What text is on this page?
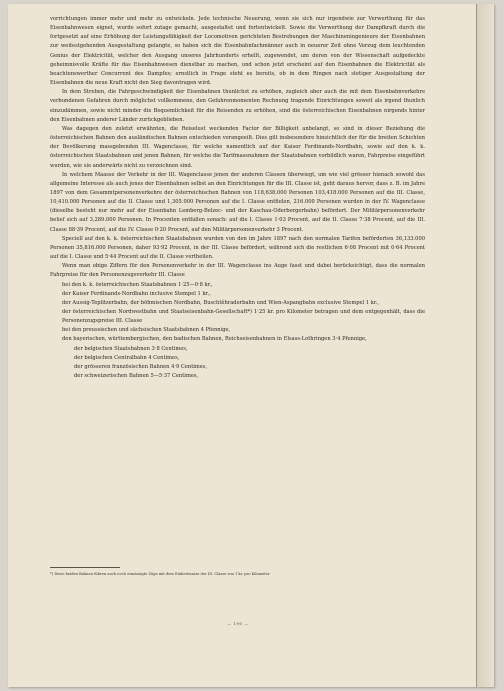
vorrichtungen immer mehr und mehr zu entwickeln. Jede technische Neuerung, wenn sie sich nur irgendwie zur Verwerthung für das Eisenbahnwesen eignet, wurde sofort zutage gemacht, ausgestaltet und fortentwickelt. Sowie die Verwerthung der Dampfkraft durch die fortgesetzt auf eine Erhöhung der Leistungsfähigkeit der Locomotiven gerichteten Bestrebungen der Maschineningenieure der Eisenbahnen zur weitestgehenden Ausgestaltung gelangte, so haben sich die Eisenbahnfachmänner auch in neuerer Zeit ohne Verzug dem leuchtenden Genius der Elektricität, welcher den Ausgang unseres Jahrhunderts erhellt, zugewendet, um deren von der Wissenschaft aufgedeckte geheimnisvolle Kräfte für das Eisenbahnwesen dienstbar zu machen, und schon jetzt erscheint auf den Eisenbahnen die Elektricität als beachtenswerther Concurrent des Dampfes; ernstlich in Frage steht es bereits, ob in dem Ringen nach stetiger Ausgestaltung der Eisenbahnen die neue Kraft nicht den Sieg davontragen wird.

In dem Streben, die Fahrgeschwindigkeit der Eisenbahnen thunlichst zu erhöhen, zugleich aber auch die mit dem Eisenbahnverkehre verbundenen Gefahren durch möglichst vollkommene, den Gefahrenmomenten Rechnung tragende Einrichtungen soweit als irgend thunlich einzudämmen, sowie nicht minder die Bequemlichkeit für die Reisenden zu erhöhen, sind die österreichischen Eisenbahnen nirgends hinter den Eisenbahnen anderer Länder zurückgeblieben.

Was dagegen den zuletzt erwähnten, die Reiselust weckenden Factor der Billigkeit anbelangt, so sind in dieser Beziehung die österreichischen Bahnen den ausländischen Bahnen entschieden vorangeeilt. Dies gilt insbesondere hinsichtlich der für die breiten Schichten der Bevölkerung massgebenden III. Wagenclasse, für welche namentlich auf der Kaiser Ferdinands-Nordbahn, sowie auf den k. k. österreichischen Staatsbahnen und jenen Bahnen, für welche die Tarifmassnahmen der Staatsbahnen vorbildlich waren, Fahrpreise eingeführt wurden, wie sie anderwärts nicht zu verzeichnen sind.

In welchem Maasse der Verkehr in der III. Wagenclasse jenen der anderen Classen überwiegt, um wie viel grösser hienach sowohl das allgemeine Interesse als auch jenes der Eisenbahnen selbst an den Einrichtungen für die III. Classe ist, geht daraus hervor, dass z. B. im Jahre 1897 von dem Gesammtpersonenverkehre der österreichischen Bahnen von 118,638.000 Personen 103,418.000 Personen auf die III. Classe, 10,410.000 Personen auf die II. Classe und 1,305.000 Personen auf die I. Classe entfielen, 216.000 Personen wurden in der IV. Wagenclasse (dieselbe besteht nur mehr auf der Eisenbahn Lemberg-Belzec- und der Kaschau-Oderbergerbahn) befördert. Der Militärpersonenverkehr belief sich auf 3,289.000 Personen. In Procenten entfallen sonach: auf die I. Classe 1·03 Procent, auf die II. Classe 7·38 Procent, auf die III. Classe 88·39 Procent, auf die IV. Classe 0·20 Procent, auf den Militärpersonenverkehr 3 Procent.

Speciell auf den k. k. österreichischen Staatsbahnen wurden von den im Jahre 1897 nach den normalen Tarifen beförderten 36,133.000 Personen 35,816.000 Personen, daher 93·92 Procent, in der III. Classe befördert, während sich die restlichen 6·08 Procent mit 0·64 Procent auf die I. Classe und 5·44 Procent auf die II. Classe vertheilen.

Wenn man obige Ziffern für den Personenverkehr in der III. Wagenclasse ins Auge fasst und dabei berücksichtigt, dass die normalen Fahrpreise für den Personenzugsverkehr III. Classe

bei den k. k. österreichischen Staatsbahnen 1·25—0·8 kr.,

der Kaiser Ferdinands-Nordbahn inclusive Stempel 1 kr.,

der Aussig-Teplitzerbahn, der böhmischen Nordbahn, Buschtěhraderbahn und Wien-Aspangbahn exclusive Stempel 1 kr.,

der österreichischen Nordwestbahn und Staatseisenbahn-Gesellschaft*) 1·25 kr. pro Kilometer betragen und dem entgegenhält, dass die Personenzugspreise III. Classe

bei den preussischen und sächsischen Staatsbahnen 4 Pfennige,

den bayerischen, württembergischen, den badischen Bahnen, Reichseisenbahnen in Elsass-Lothringen 3·4 Pfennige,

der belgischen Staatsbahnen 3·8 Centimes,

der belgischen Centralbahn 4 Centimes,

der grösseren französischen Bahnen 4·9 Centimes,

der schweizerischen Bahnen 5—5·37 Centimes,

*) Diese beiden Bahnen führen auch noch ermässigte Züge mit dem Einheitssatze der III. Classe von 1 kr. pro Kilometer.
— 190 —
